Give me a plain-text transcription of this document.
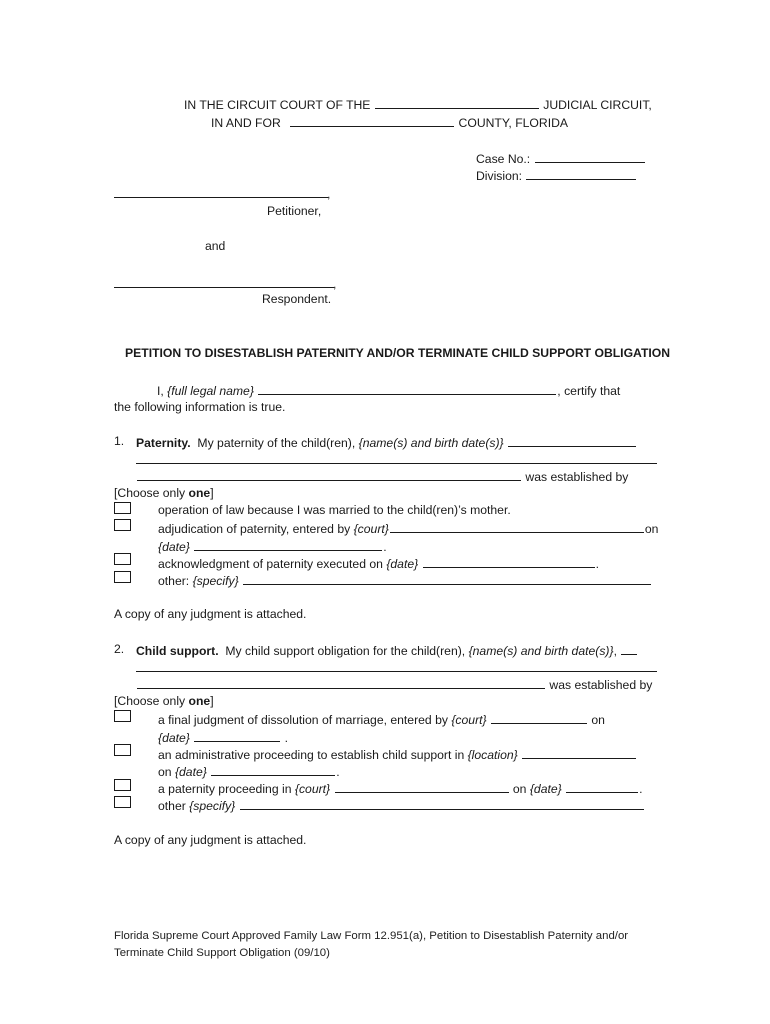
IN THE CIRCUIT COURT OF THE	JUDICIAL CIRCUIT,
IN AND FOR	COUNTY, FLORIDA
Case No.:
Division:
,
Petitioner,
and
,
Respondent.
PETITION TO DISESTABLISH PATERNITY AND/OR TERMINATE CHILD SUPPORT OBLIGATION
I, {full legal name}	, certify that
the following information is true.
1. Paternity. My paternity of the child(ren), {name(s) and birth date(s)}
was established by
[Choose only one]
operation of law because I was married to the child(ren)’s mother.
adjudication of paternity, entered by {court}	on
{date}	.
acknowledgment of paternity executed on {date}	.
other: {specify}
A copy of any judgment is attached.
2. Child support. My child support obligation for the child(ren), {name(s) and birth date(s)},
was established by
[Choose only one]
a final judgment of dissolution of marriage, entered by {court}	on
{date}	.
an administrative proceeding to establish child support in {location}
on {date}	.
a paternity proceeding in {court}	on {date}	.
other {specify}
A copy of any judgment is attached.
Florida Supreme Court Approved Family Law Form 12.951(a), Petition to Disestablish Paternity and/or
Terminate Child Support Obligation (09/10)
